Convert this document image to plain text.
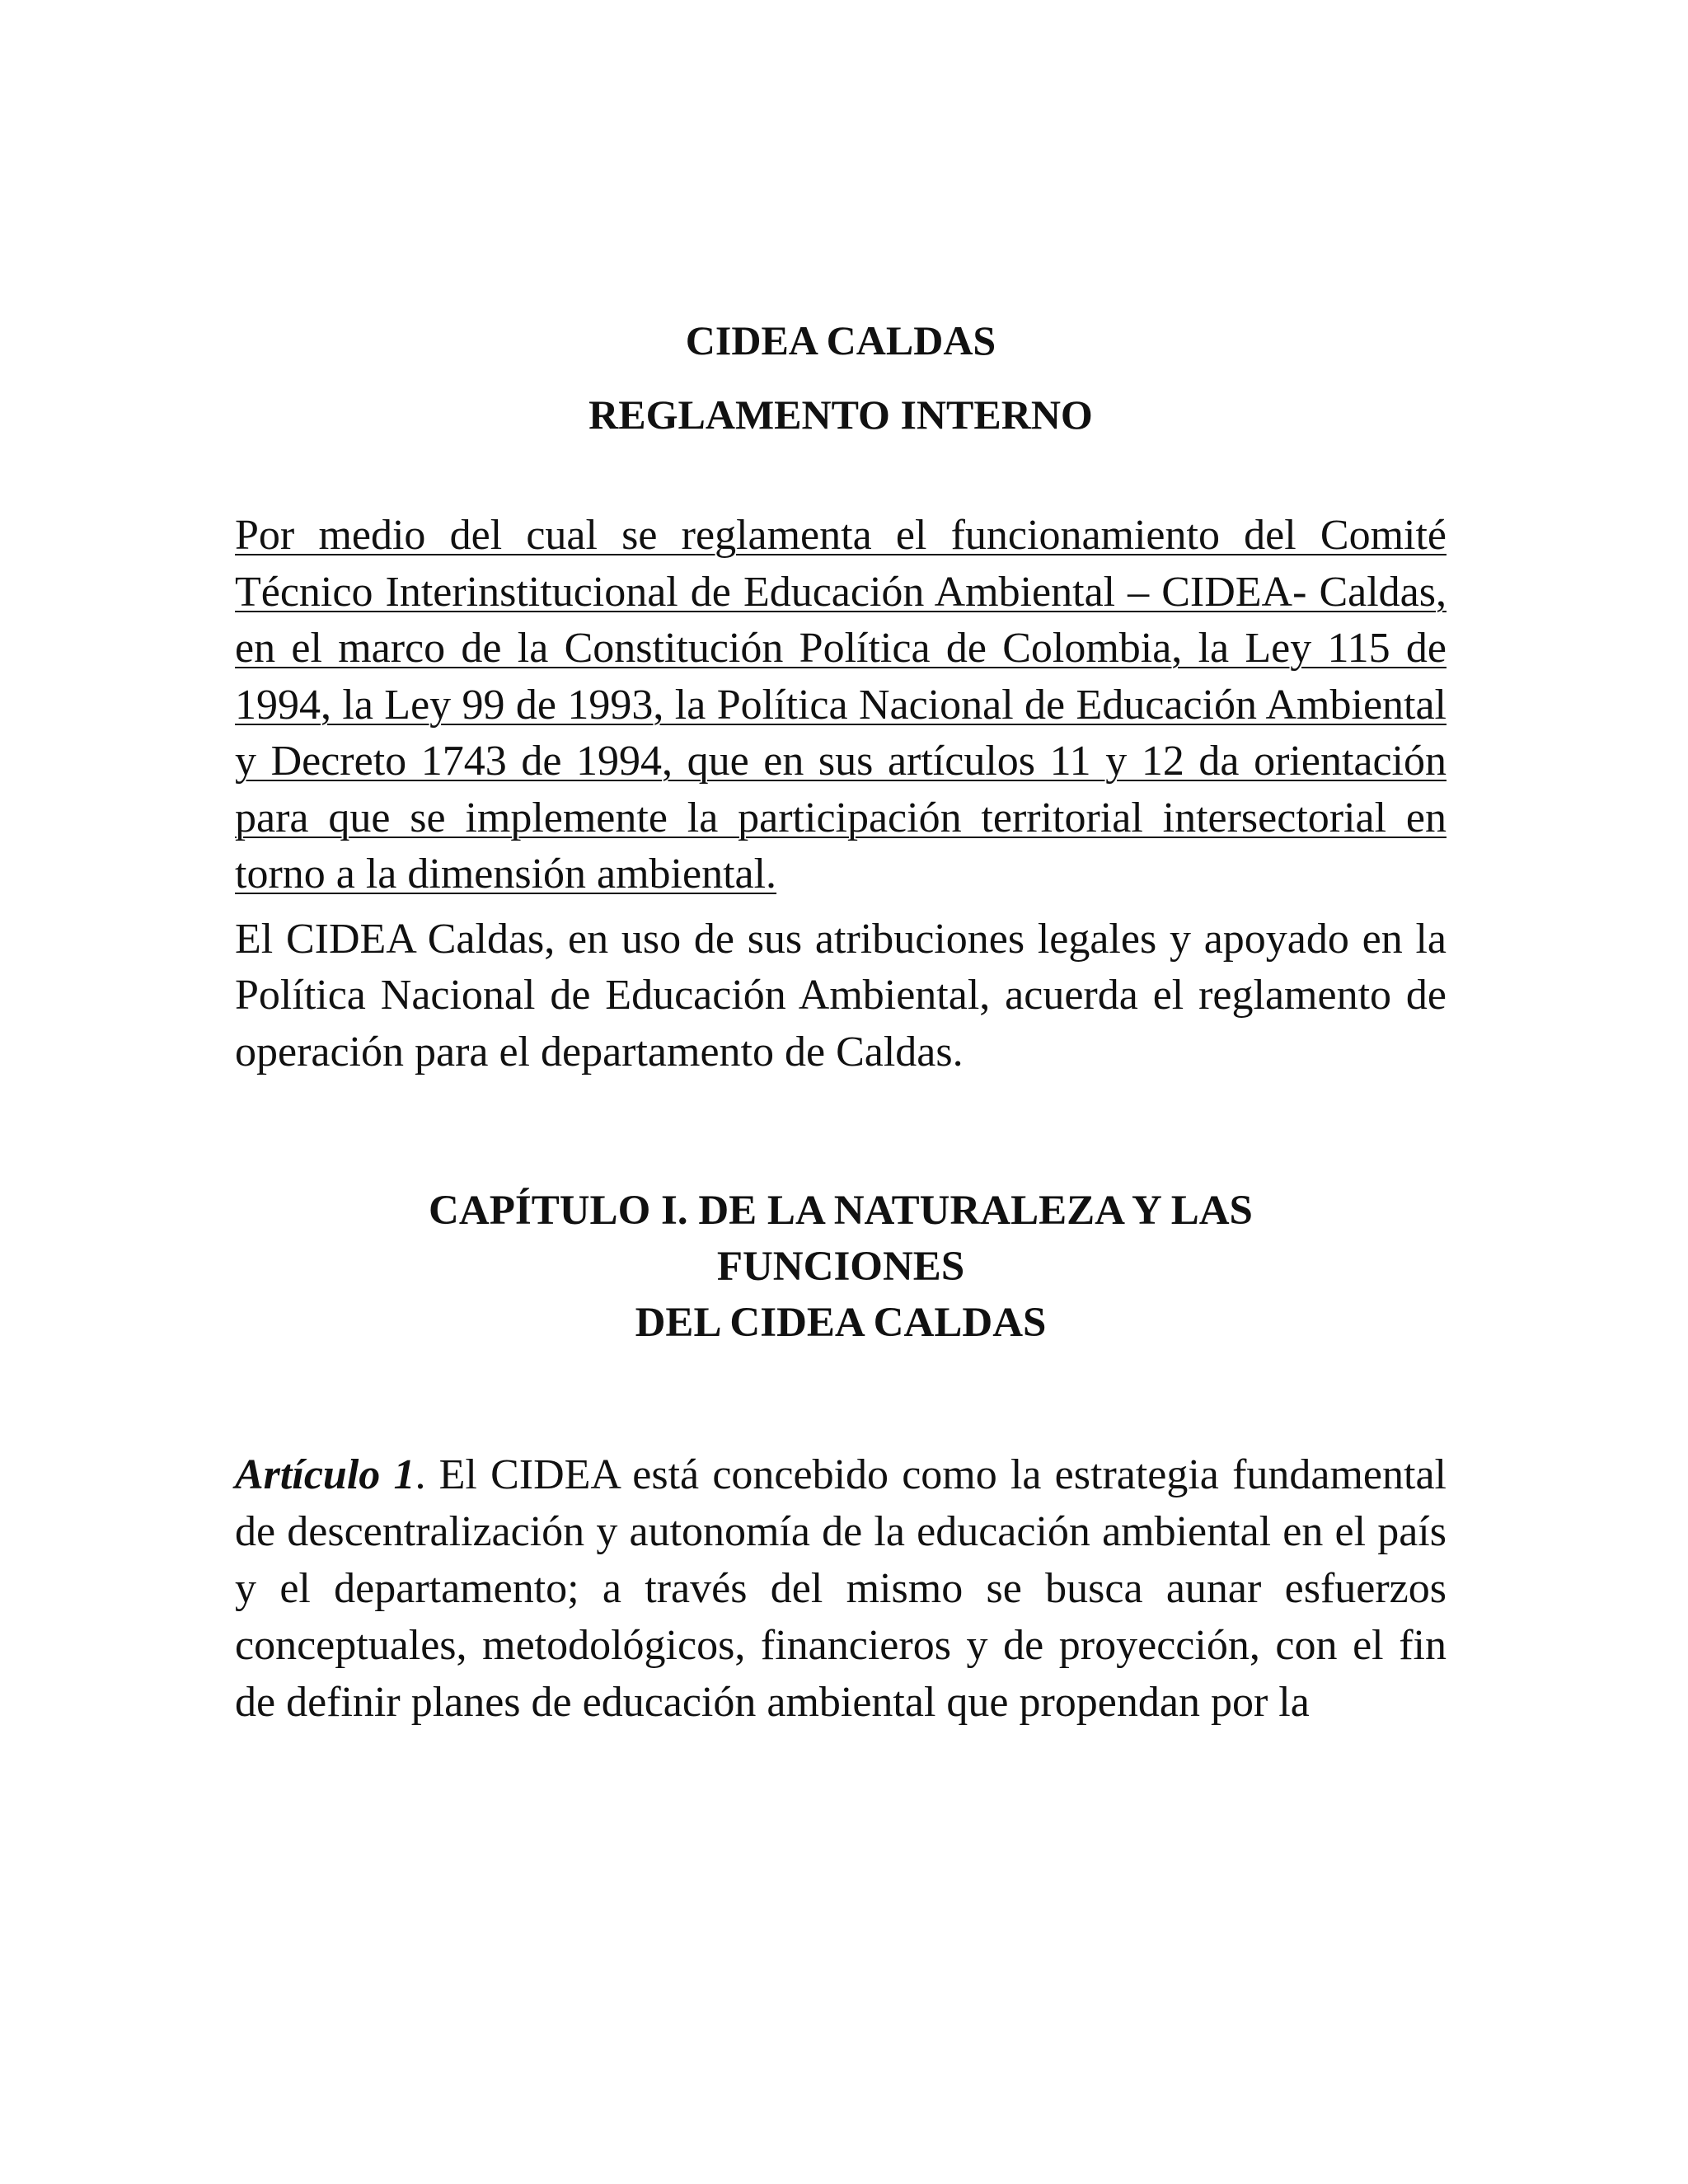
CIDEA CALDAS
REGLAMENTO INTERNO

Por medio del cual se reglamenta el funcionamiento del Comité Técnico Interinstitucional de Educación Ambiental – CIDEA- Caldas, en el marco de la Constitución Política de Colombia, la Ley 115 de 1994, la Ley 99 de 1993, la Política Nacional de Educación Ambiental y Decreto 1743 de 1994, que en sus artículos 11 y 12 da orientación para que se implemente la participación territorial intersectorial en torno a la dimensión ambiental.

El CIDEA Caldas, en uso de sus atribuciones legales y apoyado en la Política Nacional de Educación Ambiental, acuerda el reglamento de operación para el departamento de Caldas.

CAPÍTULO I. DE LA NATURALEZA Y LAS
FUNCIONES
DEL CIDEA CALDAS

Artículo 1. El CIDEA está concebido como la estrategia fundamental de descentralización y autonomía de la educación ambiental en el país y el departamento; a través del mismo se busca aunar esfuerzos conceptuales, metodológicos, financieros y de proyección, con el fin de definir planes de educación ambiental que propendan por la
